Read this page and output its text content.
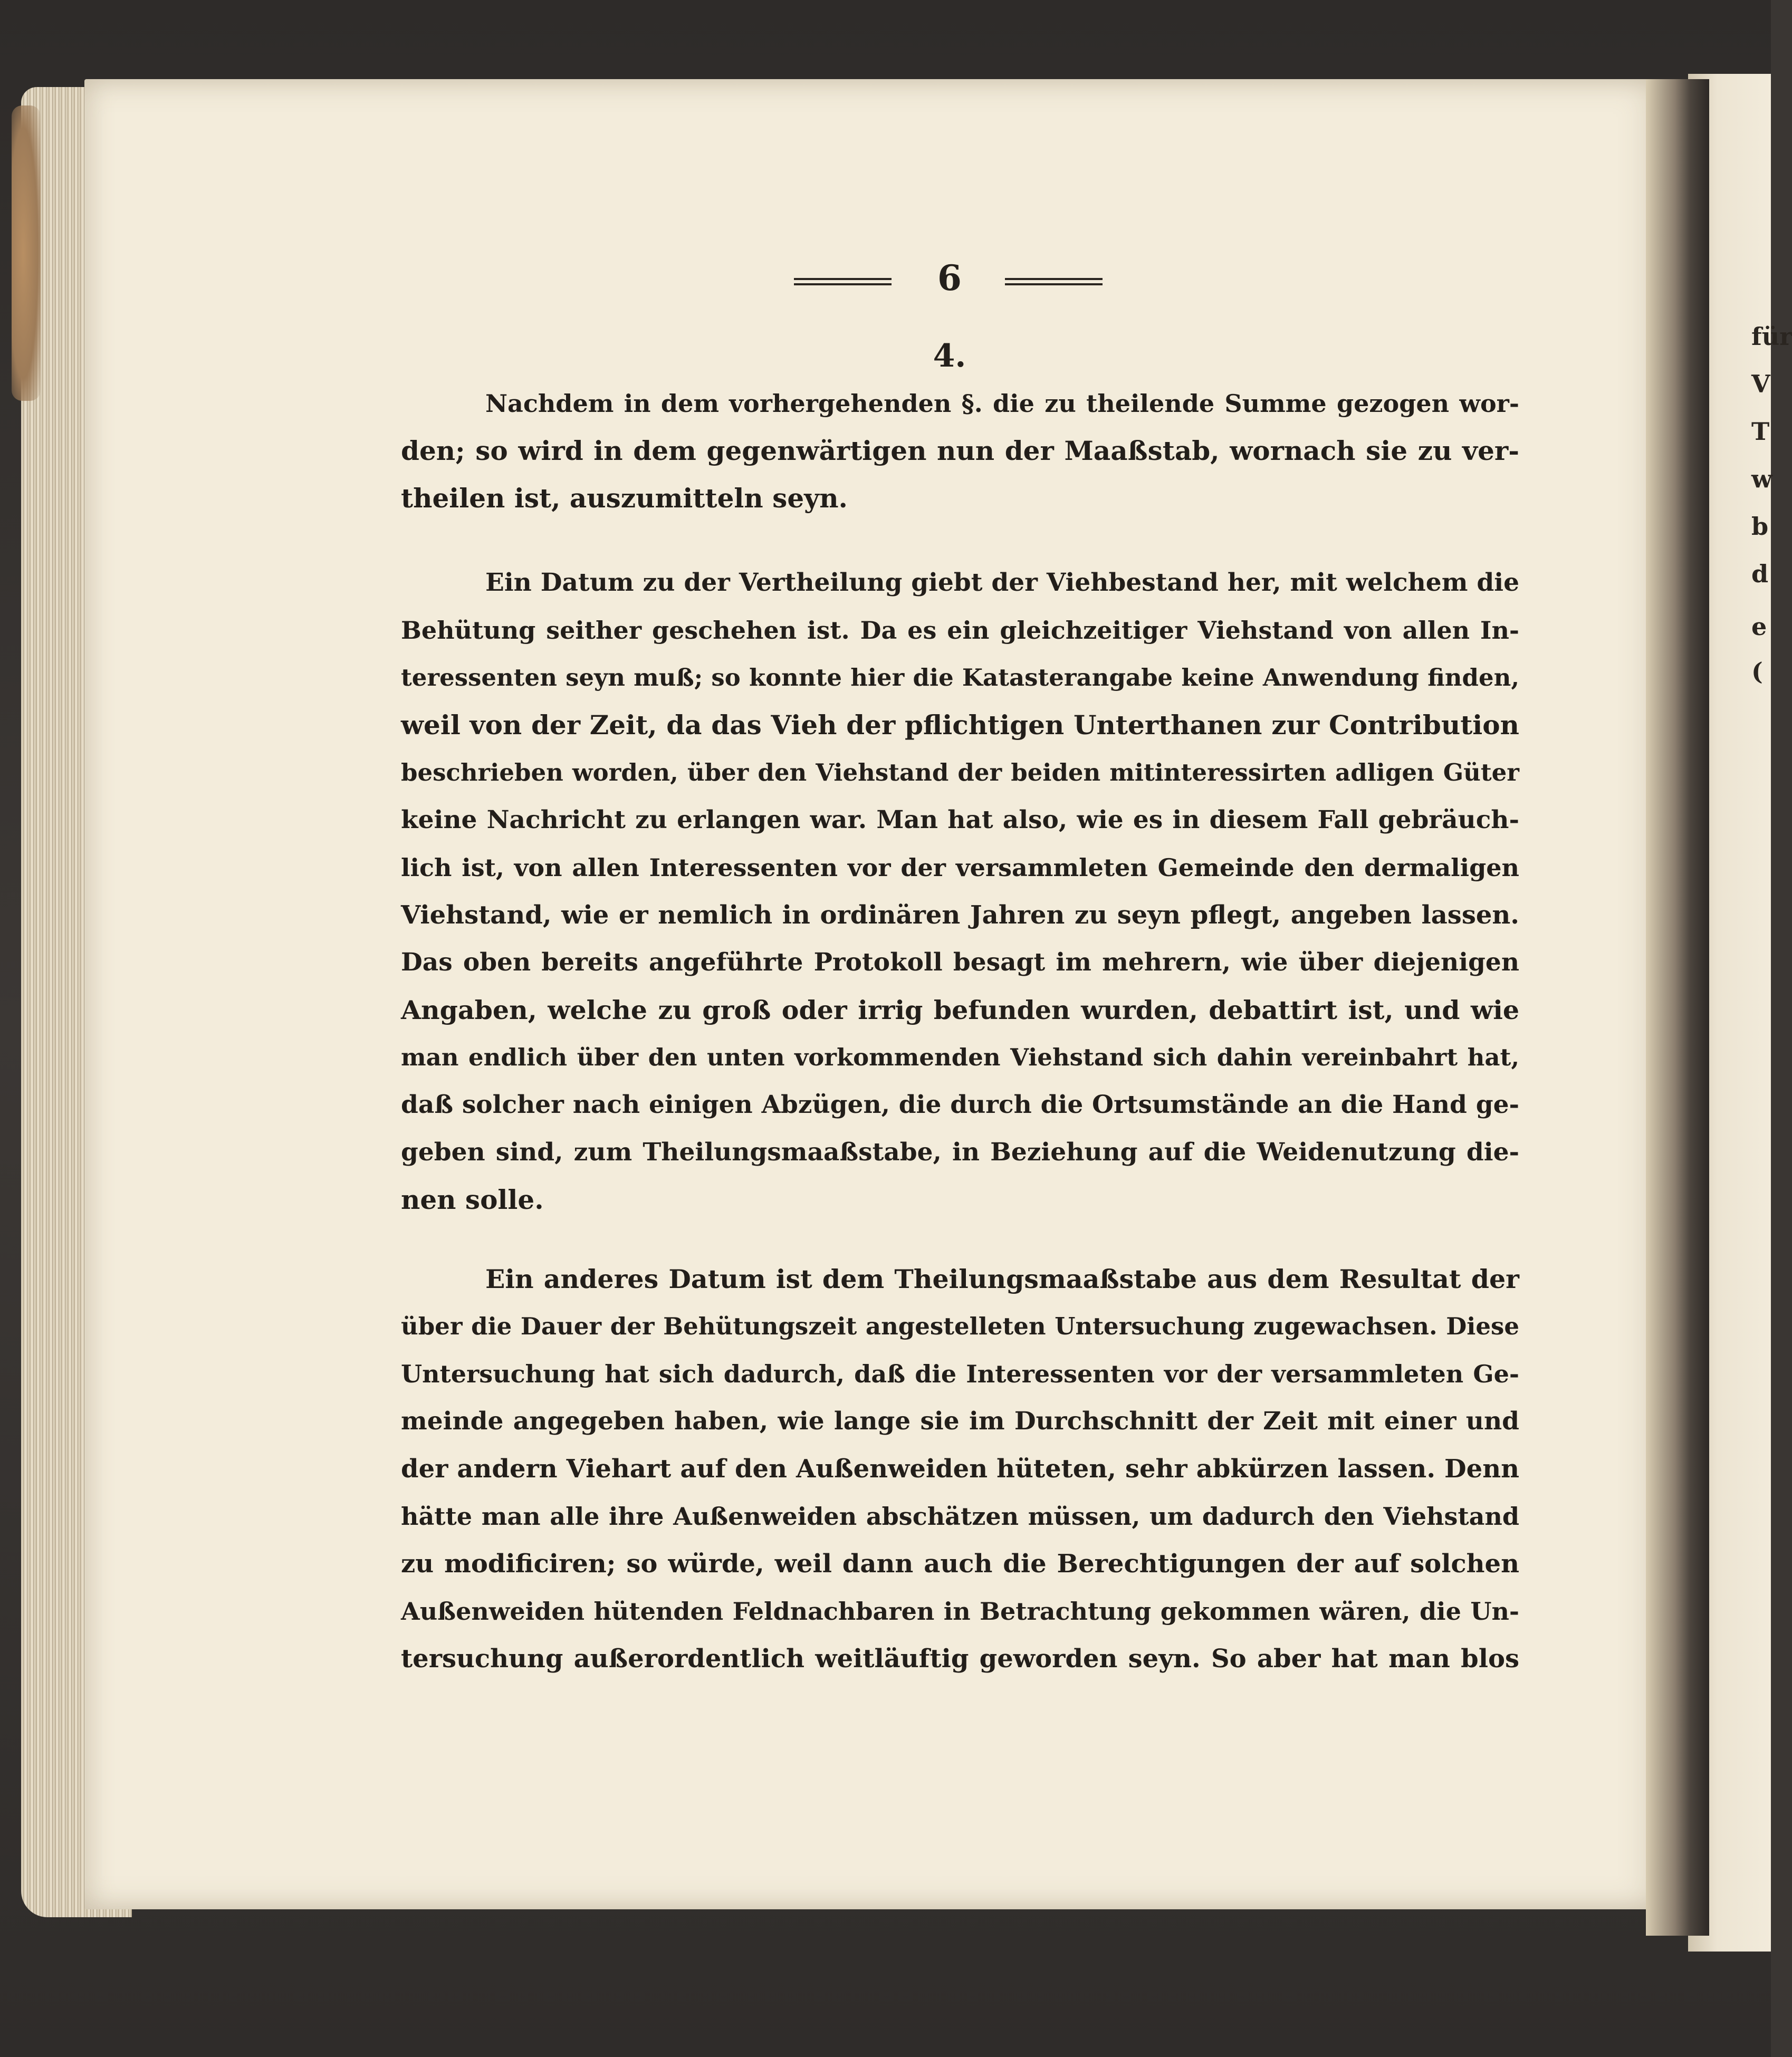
für
V
T
w
b
d
e
(
6
4.
Nachdem in dem vorhergehenden §. die zu theilende Summe gezogen wor-
den; so wird in dem gegenwärtigen nun der Maaßstab, wornach sie zu ver-
theilen ist, auszumitteln seyn.
Ein Datum zu der Vertheilung giebt der Viehbestand her, mit welchem die
Behütung seither geschehen ist. Da es ein gleichzeitiger Viehstand von allen In-
teressenten seyn muß; so konnte hier die Katasterangabe keine Anwendung finden,
weil von der Zeit, da das Vieh der pflichtigen Unterthanen zur Contribution
beschrieben worden, über den Viehstand der beiden mitinteressirten adligen Güter
keine Nachricht zu erlangen war. Man hat also, wie es in diesem Fall gebräuch-
lich ist, von allen Interessenten vor der versammleten Gemeinde den dermaligen
Viehstand, wie er nemlich in ordinären Jahren zu seyn pflegt, angeben lassen.
Das oben bereits angeführte Protokoll besagt im mehrern, wie über diejenigen
Angaben, welche zu groß oder irrig befunden wurden, debattirt ist, und wie
man endlich über den unten vorkommenden Viehstand sich dahin vereinbahrt hat,
daß solcher nach einigen Abzügen, die durch die Ortsumstände an die Hand ge-
geben sind, zum Theilungsmaaßstabe, in Beziehung auf die Weidenutzung die-
nen solle.
Ein anderes Datum ist dem Theilungsmaaßstabe aus dem Resultat der
über die Dauer der Behütungszeit angestelleten Untersuchung zugewachsen. Diese
Untersuchung hat sich dadurch, daß die Interessenten vor der versammleten Ge-
meinde angegeben haben, wie lange sie im Durchschnitt der Zeit mit einer und
der andern Viehart auf den Außenweiden hüteten, sehr abkürzen lassen. Denn
hätte man alle ihre Außenweiden abschätzen müssen, um dadurch den Viehstand
zu modificiren; so würde, weil dann auch die Berechtigungen der auf solchen
Außenweiden hütenden Feldnachbaren in Betrachtung gekommen wären, die Un-
tersuchung außerordentlich weitläuftig geworden seyn. So aber hat man blos
